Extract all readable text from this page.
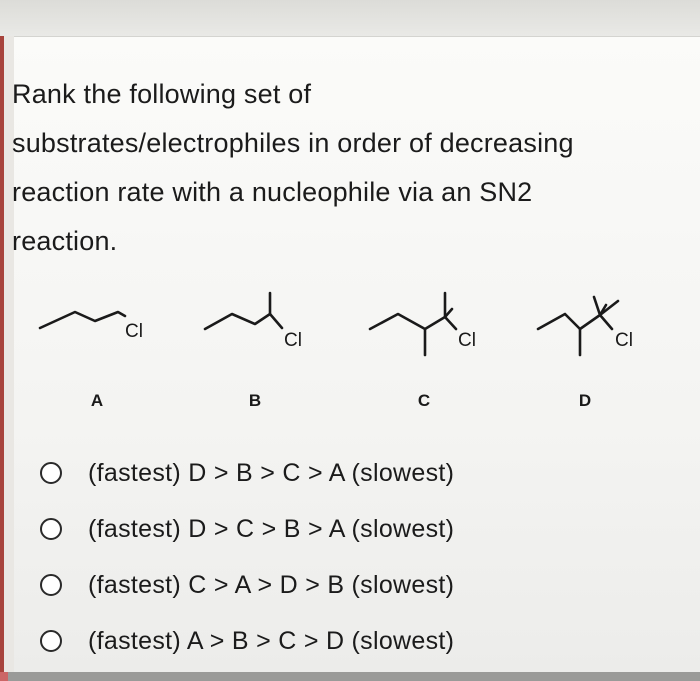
Rank the following set of
substrates/electrophiles in order of decreasing
reaction rate with a nucleophile via an SN2
reaction.
Cl	Cl	Cl	Cl
A	B	C	D
(fastest) D > B > C > A (slowest)
(fastest) D > C > B > A (slowest)
(fastest) C > A > D > B (slowest)
(fastest) A > B > C > D (slowest)
